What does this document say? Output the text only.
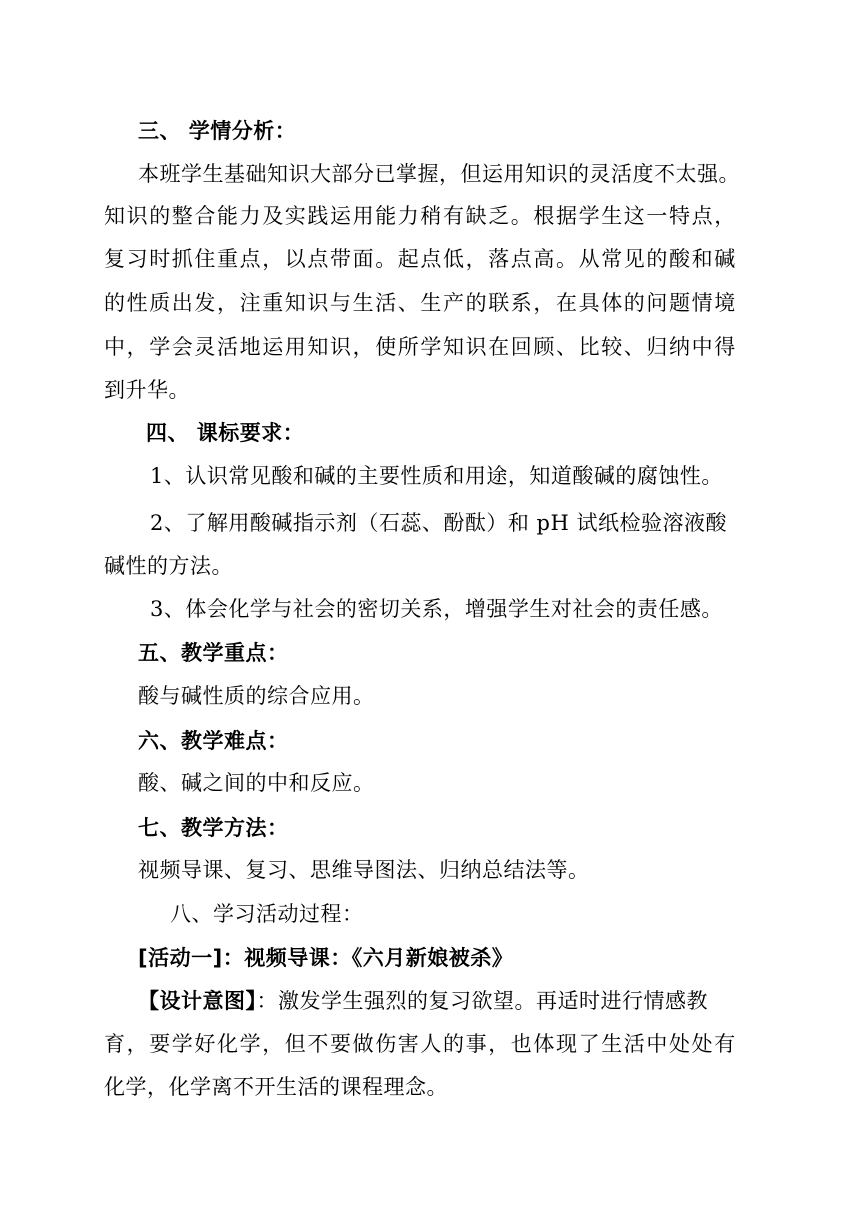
三、 学情分析：
本班学生基础知识大部分已掌握，但运用知识的灵活度不太强。
知识的整合能力及实践运用能力稍有缺乏。根据学生这一特点，
复习时抓住重点，以点带面。起点低，落点高。从常见的酸和碱
的性质出发，注重知识与生活、生产的联系，在具体的问题情境
中，学会灵活地运用知识，使所学知识在回顾、比较、归纳中得
到升华。
四、 课标要求：
1、认识常见酸和碱的主要性质和用途，知道酸碱的腐蚀性。
2、了解用酸碱指示剂（石蕊、酚酞）和 pH 试纸检验溶液酸
碱性的方法。
3、体会化学与社会的密切关系，增强学生对社会的责任感。
五、教学重点：
酸与碱性质的综合应用。
六、教学难点：
酸、碱之间的中和反应。
七、教学方法：
视频导课、复习、思维导图法、归纳总结法等。
八、学习活动过程：
[活动一]：视频导课：《六月新娘被杀》
【设计意图】：激发学生强烈的复习欲望。再适时进行情感教
育，要学好化学，但不要做伤害人的事，也体现了生活中处处有
化学，化学离不开生活的课程理念。
